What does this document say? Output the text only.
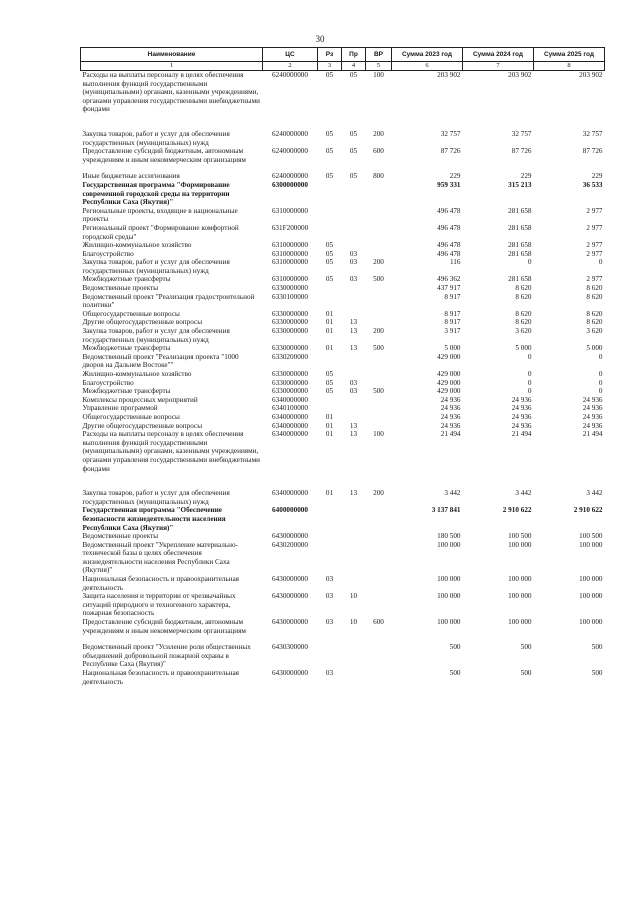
30
Наименование	ЦС	Рз	Пр	ВР	Сумма 2023 год	Сумма 2024 год	Сумма 2025 год
1	2	3	4	5	6	7	8
Расходы на выплаты персоналу в целях обеспечения выполнения функций государственными (муниципальными) органами, казенными учреждениями, органами управления государственными внебюджетными фондами	6240000000	05	05	100	203 902	203 902	203 902

Закупка товаров, работ и услуг для обеспечения государственных (муниципальных) нужд	6240000000	05	05	200	32 757	32 757	32 757
Предоставление субсидий бюджетным, автономным учреждениям и иным некоммерческим организациям	6240000000	05	05	600	87 726	87 726	87 726

Иные бюджетные ассигнования	6240000000	05	05	800	229	229	229
Государственная программа "Формирование современной городской среды на территории Республики Саха (Якутия)"	6300000000				959 331	315 213	36 533
Региональные проекты, входящие в национальные проекты	6310000000				496 478	281 658	2 977
Региональный проект "Формирование комфортной городской среды"	631F200000				496 478	281 658	2 977
Жилищно-коммунальное хозяйство	6310000000	05			496 478	281 658	2 977
Благоустройство	6310000000	05	03		496 478	281 658	2 977
Закупка товаров, работ и услуг для обеспечения государственных (муниципальных) нужд	6310000000	05	03	200	116	0	0
Межбюджетные трансферты	6310000000	05	03	500	496 362	281 658	2 977
Ведомственные проекты	6330000000				437 917	8 620	8 620
Ведомственный проект "Реализация градостроительной политики"	6330100000				8 917	8 620	8 620
Общегосударственные вопросы	6330000000	01			8 917	8 620	8 620
Другие общегосударственные вопросы	6330000000	01	13		8 917	8 620	8 620
Закупка товаров, работ и услуг для обеспечения государственных (муниципальных) нужд	6330000000	01	13	200	3 917	3 620	3 620
Межбюджетные трансферты	6330000000	01	13	500	5 000	5 000	5 000
Ведомственный проект "Реализация проекта "1000 дворов на Дальнем Востоке""	6330200000				429 000	0	0
Жилищно-коммунальное хозяйство	6330000000	05			429 000	0	0
Благоустройство	6330000000	05	03		429 000	0	0
Межбюджетные трансферты	6330000000	05	03	500	429 000	0	0
Комплексы процессных мероприятий	6340000000				24 936	24 936	24 936
Управление программой	6340100000				24 936	24 936	24 936
Общегосударственные вопросы	6340000000	01			24 936	24 936	24 936
Другие общегосударственные вопросы	6340000000	01	13		24 936	24 936	24 936
Расходы на выплаты персоналу в целях обеспечения выполнения функций государственными (муниципальными) органами, казенными учреждениями, органами управления государственными внебюджетными фондами	6340000000	01	13	100	21 494	21 494	21 494

Закупка товаров, работ и услуг для обеспечения государственных (муниципальных) нужд	6340000000	01	13	200	3 442	3 442	3 442
Государственная программа "Обеспечение безопасности жизнедеятельности населения Республики Саха (Якутия)"	6400000000				3 137 841	2 910 622	2 910 622
Ведомственные проекты	6430000000				180 500	100 500	100 500
Ведомственный проект "Укрепление материально-технической базы в целях обеспечения жизнедеятельности населения Республики Саха (Якутия)"	6430200000				100 000	100 000	100 000
Национальная безопасность и правоохранительная деятельность	6430000000	03			100 000	100 000	100 000
Защита населения и территории от чрезвычайных ситуаций природного и техногенного характера, пожарная безопасность	6430000000	03	10		100 000	100 000	100 000
Предоставление субсидий бюджетным, автономным учреждениям и иным некоммерческим организациям	6430000000	03	10	600	100 000	100 000	100 000

Ведомственный проект "Усиление роли общественных объединений добровольной пожарной охраны в Республике Саха (Якутия)"	6430300000				500	500	500
Национальная безопасность и правоохранительная деятельность	6430000000	03			500	500	500
